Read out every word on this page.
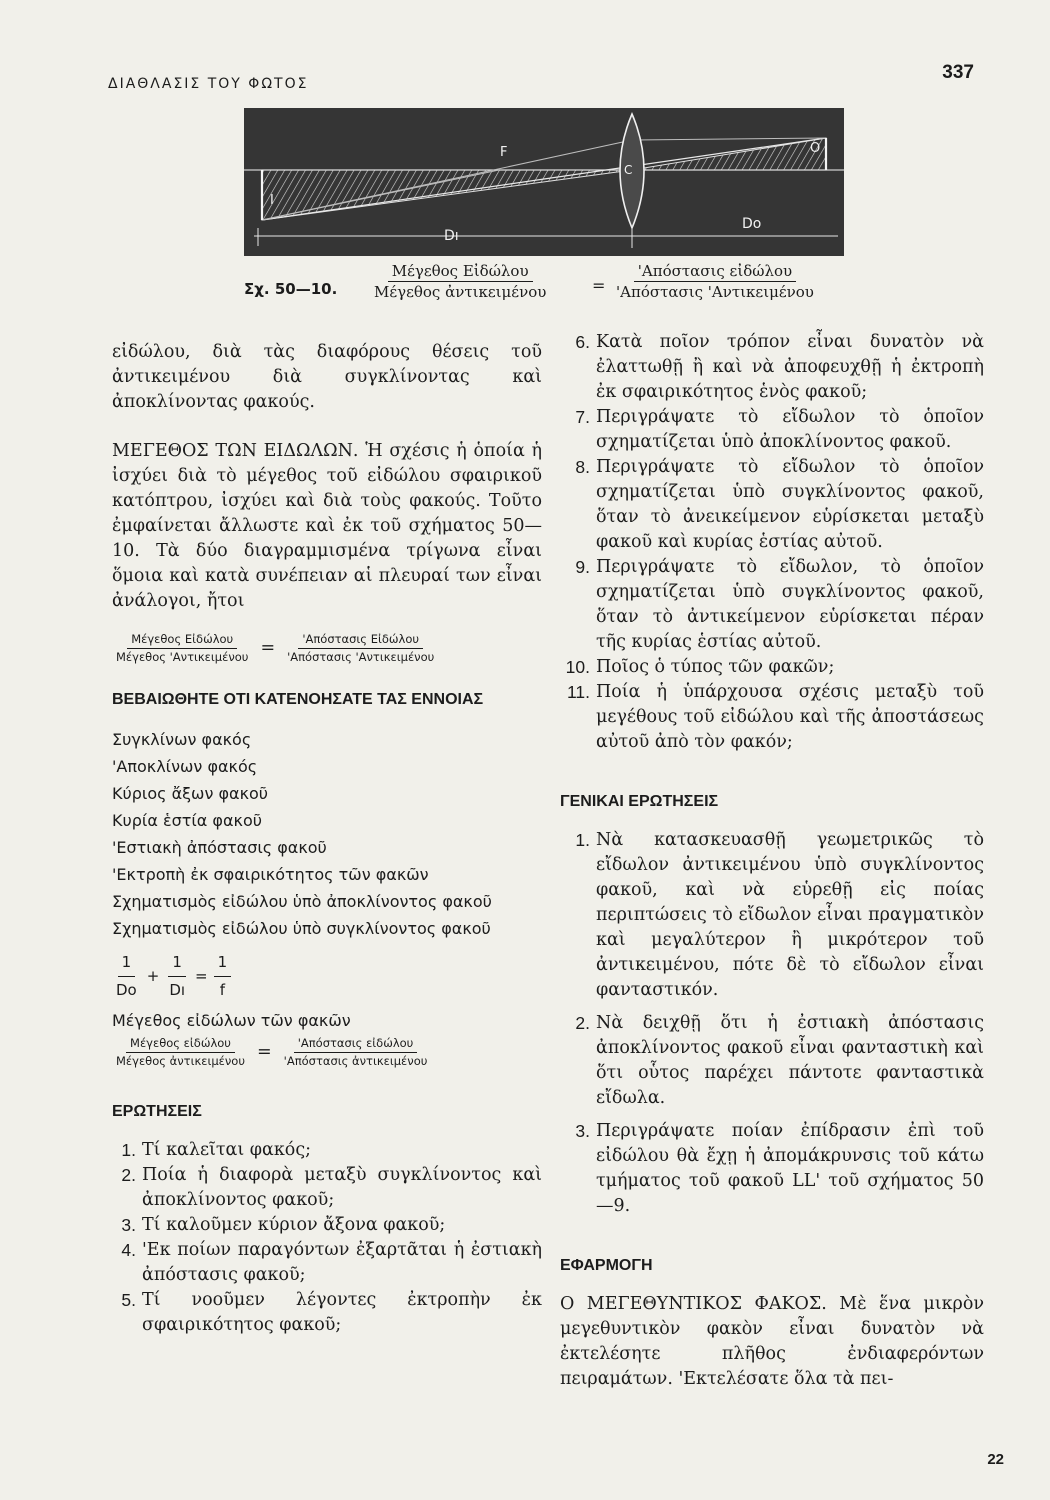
ΔΙΑΘΛΑΣΙΣ ΤΟΥ ΦΩΤΟΣ
337
F
C
O
I
Dı
Do
Σχ. 50—10.
Μέγεθος Εἰδώλου
Μέγεθος ἀντικειμένου	=
'Απόστασις εἰδώλου
'Απόστασις 'Αντικειμένου

εἰδώλου, διὰ τὰς διαφόρους θέσεις τοῦ ἀντικειμένου διὰ συγκλίνοντας καὶ ἀποκλίνοντας φακούς.

ΜΕΓΕΘΟΣ ΤΩΝ ΕΙΔΩΛΩΝ. Ἡ σχέσις ἡ ὁποία ἡ ἰσχύει διὰ τὸ μέγεθος τοῦ εἰδώλου σφαιρικοῦ κατόπτρου, ἰσχύει καὶ διὰ τοὺς φακούς. Τοῦτο ἐμφαίνεται ἄλλωστε καὶ ἐκ τοῦ σχήματος 50—10. Τὰ δύο διαγραμμισμένα τρίγωνα εἶναι ὅμοια καὶ κατὰ συνέπειαν αἱ πλευραί των εἶναι ἀνάλογοι, ἤτοι

$\frac{\text{Μέγεθος Εἰδώλου}}{\text{Μέγεθος 'Αντικειμένου}} = \frac{\text{'Απόστασις Εἰδώλου}}{\text{'Απόστασις 'Αντικειμένου}}$
ΒΕΒΑΙΩΘΗΤΕ ΟΤΙ ΚΑΤΕΝΟΗΣΑΤΕ ΤΑΣ ΕΝΝΟΙΑΣ
Συγκλίνων φακός
'Αποκλίνων φακός
Κύριος ἄξων φακοῦ
Κυρία ἑστία φακοῦ
'Εστιακὴ ἀπόστασις φακοῦ
'Εκτροπὴ ἐκ σφαιρικότητος τῶν φακῶν
Σχηματισμὸς εἰδώλου ὑπὸ ἀποκλίνοντος φακοῦ
Σχηματισμὸς εἰδώλου ὑπὸ συγκλίνοντος φακοῦ
$\frac{1}{Do} + \frac{1}{Dı} = \frac{1}{f}$
Μέγεθος εἰδώλων τῶν φακῶν
$\frac{\text{Μέγεθος εἰδώλου}}{\text{Μέγεθος ἀντικειμένου}} = \frac{\text{'Απόστασις εἰδώλου}}{\text{'Απόστασις ἀντικειμένου}}$
ΕΡΩΤΗΣΕΙΣ
1. Τί καλεῖται φακός;
2. Ποία ἡ διαφορὰ μεταξὺ συγκλίνοντος καὶ ἀποκλίνοντος φακοῦ;
3. Τί καλοῦμεν κύριον ἄξονα φακοῦ;
4. 'Εκ ποίων παραγόντων ἐξαρτᾶται ἡ ἐστιακὴ ἀπόστασις φακοῦ;
5. Τί νοοῦμεν λέγοντες ἐκτροπὴν ἐκ σφαιρικότητος φακοῦ;
6. Κατὰ ποῖον τρόπον εἶναι δυνατὸν νὰ ἐλαττωθῇ ἢ καὶ νὰ ἀποφευχθῇ ἡ ἐκτροπὴ ἐκ σφαιρικότητος ἑνὸς φακοῦ;
7. Περιγράψατε τὸ εἴδωλον τὸ ὁποῖον σχηματίζεται ὑπὸ ἀποκλίνοντος φακοῦ.
8. Περιγράψατε τὸ εἴδωλον τὸ ὁποῖον σχηματίζεται ὑπὸ συγκλίνοντος φακοῦ, ὅταν τὸ ἀνεικείμενον εὑρίσκεται μεταξὺ φακοῦ καὶ κυρίας ἑστίας αὐτοῦ.
9. Περιγράψατε τὸ εἴδωλον, τὸ ὁποῖον σχηματίζεται ὑπὸ συγκλίνοντος φακοῦ, ὅταν τὸ ἀντικείμενον εὑρίσκεται πέραν τῆς κυρίας ἑστίας αὐτοῦ.
10. Ποῖος ὁ τύπος τῶν φακῶν;
11. Ποία ἡ ὑπάρχουσα σχέσις μεταξὺ τοῦ μεγέθους τοῦ εἰδώλου καὶ τῆς ἀποστάσεως αὐτοῦ ἀπὸ τὸν φακόν;
ΓΕΝΙΚΑΙ ΕΡΩΤΗΣΕΙΣ
1. Νὰ κατασκευασθῇ γεωμετρικῶς τὸ εἴδωλον ἀντικειμένου ὑπὸ συγκλίνοντος φακοῦ, καὶ νὰ εὑρεθῇ εἰς ποίας περιπτώσεις τὸ εἴδωλον εἶναι πραγματικὸν καὶ μεγαλύτερον ἢ μικρότερον τοῦ ἀντικειμένου, πότε δὲ τὸ εἴδωλον εἶναι φανταστικόν.
2. Νὰ δειχθῇ ὅτι ἡ ἐστιακὴ ἀπόστασις ἀποκλίνοντος φακοῦ εἶναι φανταστικὴ καὶ ὅτι οὗτος παρέχει πάντοτε φανταστικὰ εἴδωλα.
3. Περιγράψατε ποίαν ἐπίδρασιν ἐπὶ τοῦ εἰδώλου θὰ ἔχῃ ἡ ἀπομάκρυνσις τοῦ κάτω τμήματος τοῦ φακοῦ LL' τοῦ σχήματος 50—9.
ΕΦΑΡΜΟΓΗ

Ο ΜΕΓΕΘΥΝΤΙΚΟΣ ΦΑΚΟΣ. Μὲ ἕνα μικρὸν μεγεθυντικὸν φακὸν εἶναι δυνατὸν νὰ ἐκτελέσητε πλῆθος ἐνδιαφερόντων πειραμάτων. 'Εκτελέσατε ὅλα τὰ πει-

22
